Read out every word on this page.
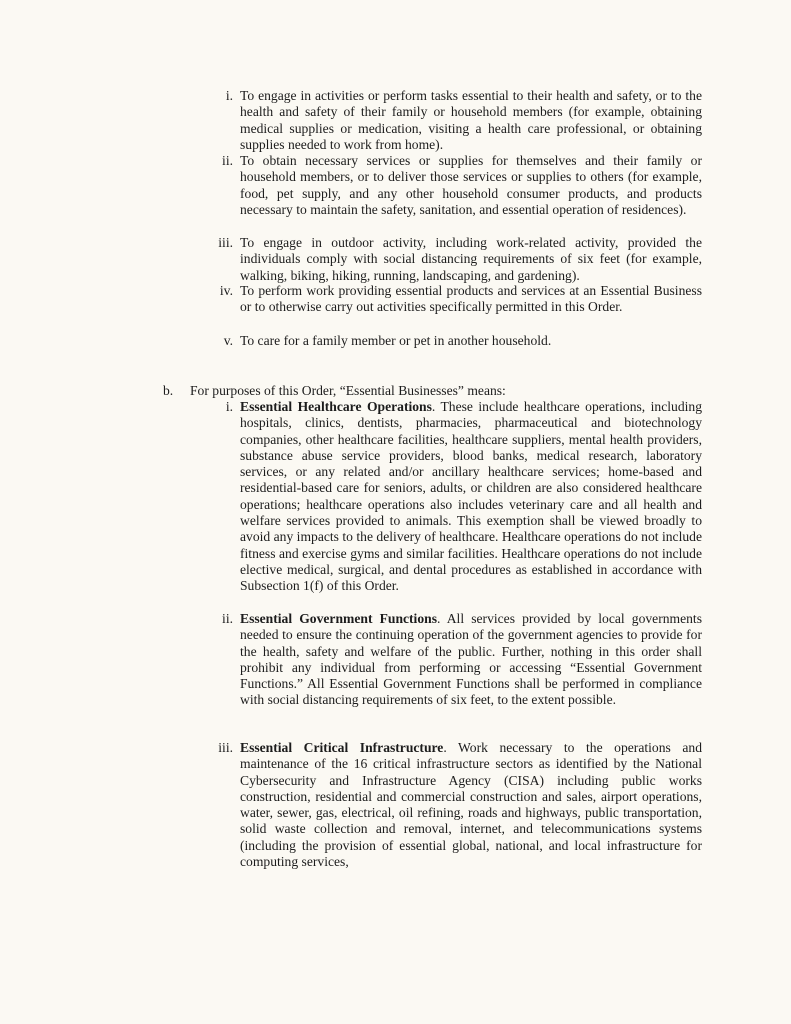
i. To engage in activities or perform tasks essential to their health and safety, or to the health and safety of their family or household members (for example, obtaining medical supplies or medication, visiting a health care professional, or obtaining supplies needed to work from home).
ii. To obtain necessary services or supplies for themselves and their family or household members, or to deliver those services or supplies to others (for example, food, pet supply, and any other household consumer products, and products necessary to maintain the safety, sanitation, and essential operation of residences).
iii. To engage in outdoor activity, including work-related activity, provided the individuals comply with social distancing requirements of six feet (for example, walking, biking, hiking, running, landscaping, and gardening).
iv. To perform work providing essential products and services at an Essential Business or to otherwise carry out activities specifically permitted in this Order.
v. To care for a family member or pet in another household.
b.	For purposes of this Order, “Essential Businesses” means:
i. Essential Healthcare Operations. These include healthcare operations, including hospitals, clinics, dentists, pharmacies, pharmaceutical and biotechnology companies, other healthcare facilities, healthcare suppliers, mental health providers, substance abuse service providers, blood banks, medical research, laboratory services, or any related and/or ancillary healthcare services; home-based and residential-based care for seniors, adults, or children are also considered healthcare operations; healthcare operations also includes veterinary care and all health and welfare services provided to animals. This exemption shall be viewed broadly to avoid any impacts to the delivery of healthcare. Healthcare operations do not include fitness and exercise gyms and similar facilities. Healthcare operations do not include elective medical, surgical, and dental procedures as established in accordance with Subsection 1(f) of this Order.
ii. Essential Government Functions. All services provided by local governments needed to ensure the continuing operation of the government agencies to provide for the health, safety and welfare of the public. Further, nothing in this order shall prohibit any individual from performing or accessing “Essential Government Functions.” All Essential Government Functions shall be performed in compliance with social distancing requirements of six feet, to the extent possible.
iii. Essential Critical Infrastructure. Work necessary to the operations and maintenance of the 16 critical infrastructure sectors as identified by the National Cybersecurity and Infrastructure Agency (CISA) including public works construction, residential and commercial construction and sales, airport operations, water, sewer, gas, electrical, oil refining, roads and highways, public transportation, solid waste collection and removal, internet, and telecommunications systems (including the provision of essential global, national, and local infrastructure for computing services,
